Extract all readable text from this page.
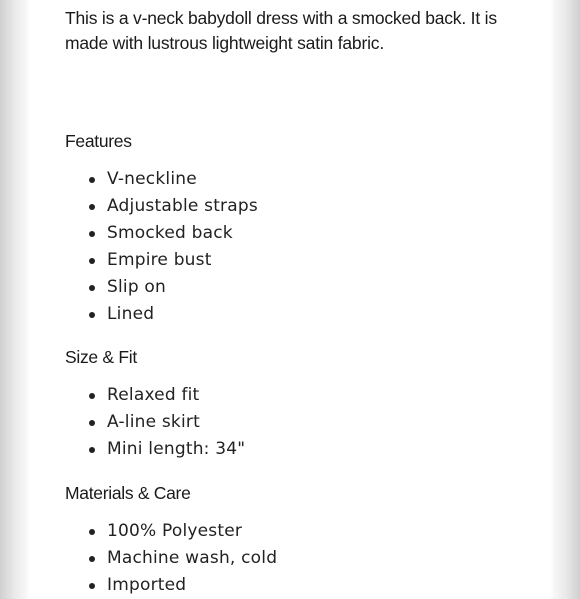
This is a v-neck babydoll dress with a smocked back. It is made with lustrous lightweight satin fabric.

Features
V-neckline
Adjustable straps
Smocked back
Empire bust
Slip on
Lined
Size & Fit
Relaxed fit
A-line skirt
Mini length: 34"
Materials & Care
100% Polyester
Machine wash, cold
Imported
